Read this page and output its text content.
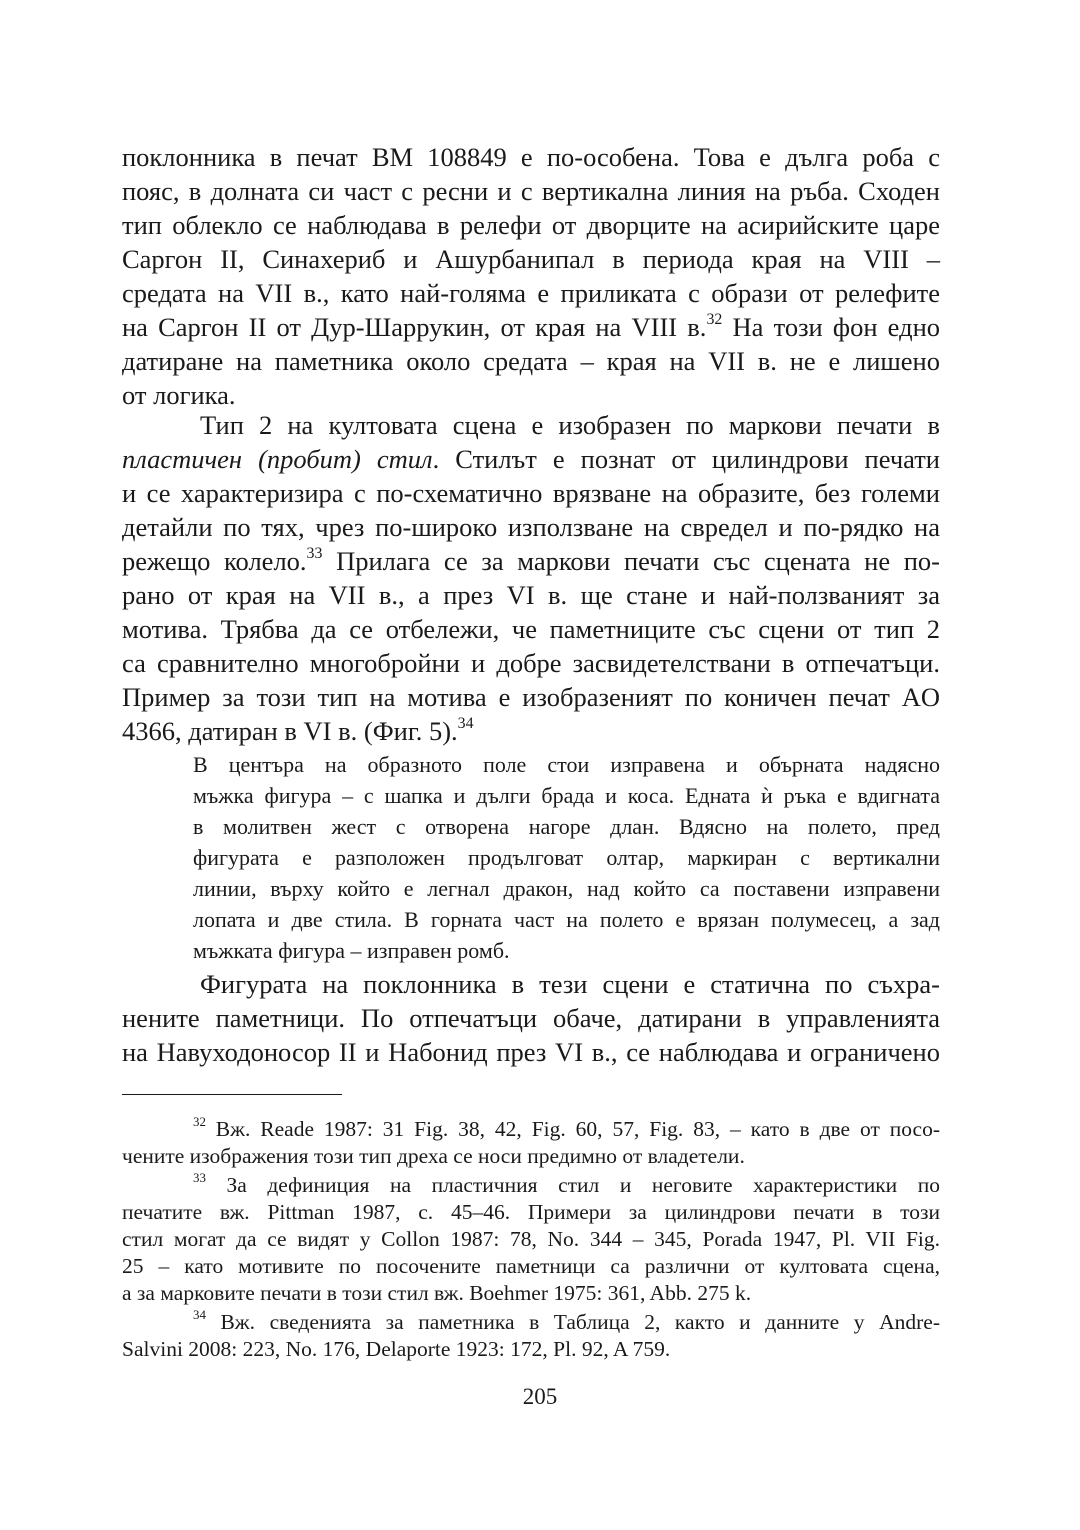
поклонника в печат BM 108849 е по-особена. Това е дълга роба с
пояс, в долната си част с ресни и с вертикална линия на ръба. Сходен
тип облекло се наблюдава в релефи от дворците на асирийските царе
Саргон II, Синахериб и Ашурбанипал в периода края на VIII –
средата на VII в., като най-голяма е приликата с образи от релефите
на Саргон II от Дур-Шаррукин, от края на VIII в.$^{32}$ На този фон едно
датиране на паметника около средата – края на VII в. не е лишено
от логика.
Тип 2 на култовата сцена е изобразен по маркови печати в
пластичен (пробит) стил. Стилът е познат от цилиндрови печати
и се характеризира с по-схематично врязване на образите, без големи
детайли по тях, чрез по-широко използване на свредел и по-рядко на
режещо колело.$^{33}$ Прилага се за маркови печати със сцената не по-
рано от края на VII в., а през VI в. ще стане и най-ползваният за
мотива. Трябва да се отбележи, че паметниците със сцени от тип 2
са сравнително многобройни и добре засвидетелствани в отпечатъци.
Пример за този тип на мотива е изобразеният по коничен печат AO
4366, датиран в VI в. (Фиг. 5).$^{34}$
В центъра на образното поле стои изправена и обърната надясно
мъжка фигура – с шапка и дълги брада и коса. Едната ѝ ръка е вдигната
в молитвен жест с отворена нагоре длан. Вдясно на полето, пред
фигурата е разположен продълговат олтар, маркиран с вертикални
линии, върху който е легнал дракон, над който са поставени изправени
лопата и две стила. В горната част на полето е врязан полумесец, а зад
мъжката фигура – изправен ромб.
Фигурата на поклонника в тези сцени е статична по съхра-
нените паметници. По отпечатъци обаче, датирани в управленията
на Навуходоносор II и Набонид през VI в., се наблюдава и ограничено
$^{32}$ Вж. Reade 1987: 31 Fig. 38, 42, Fig. 60, 57, Fig. 83, – като в две от посо-
чените изображения този тип дреха се носи предимно от владетели.
$^{33}$ За дефиниция на пластичния стил и неговите характеристики по
печатите вж. Pittman 1987, с. 45–46. Примери за цилиндрови печати в този
стил могат да се видят у Collon 1987: 78, No. 344 – 345, Porada 1947, Pl. VII Fig.
25 – като мотивите по посочените паметници са различни от култовата сцена,
а за марковите печати в този стил вж. Boehmer 1975: 361, Abb. 275 k.
$^{34}$ Вж. сведенията за паметника в Таблица 2, както и данните у Andre-
Salvini 2008: 223, No. 176, Delaporte 1923: 172, Pl. 92, A 759.
205
